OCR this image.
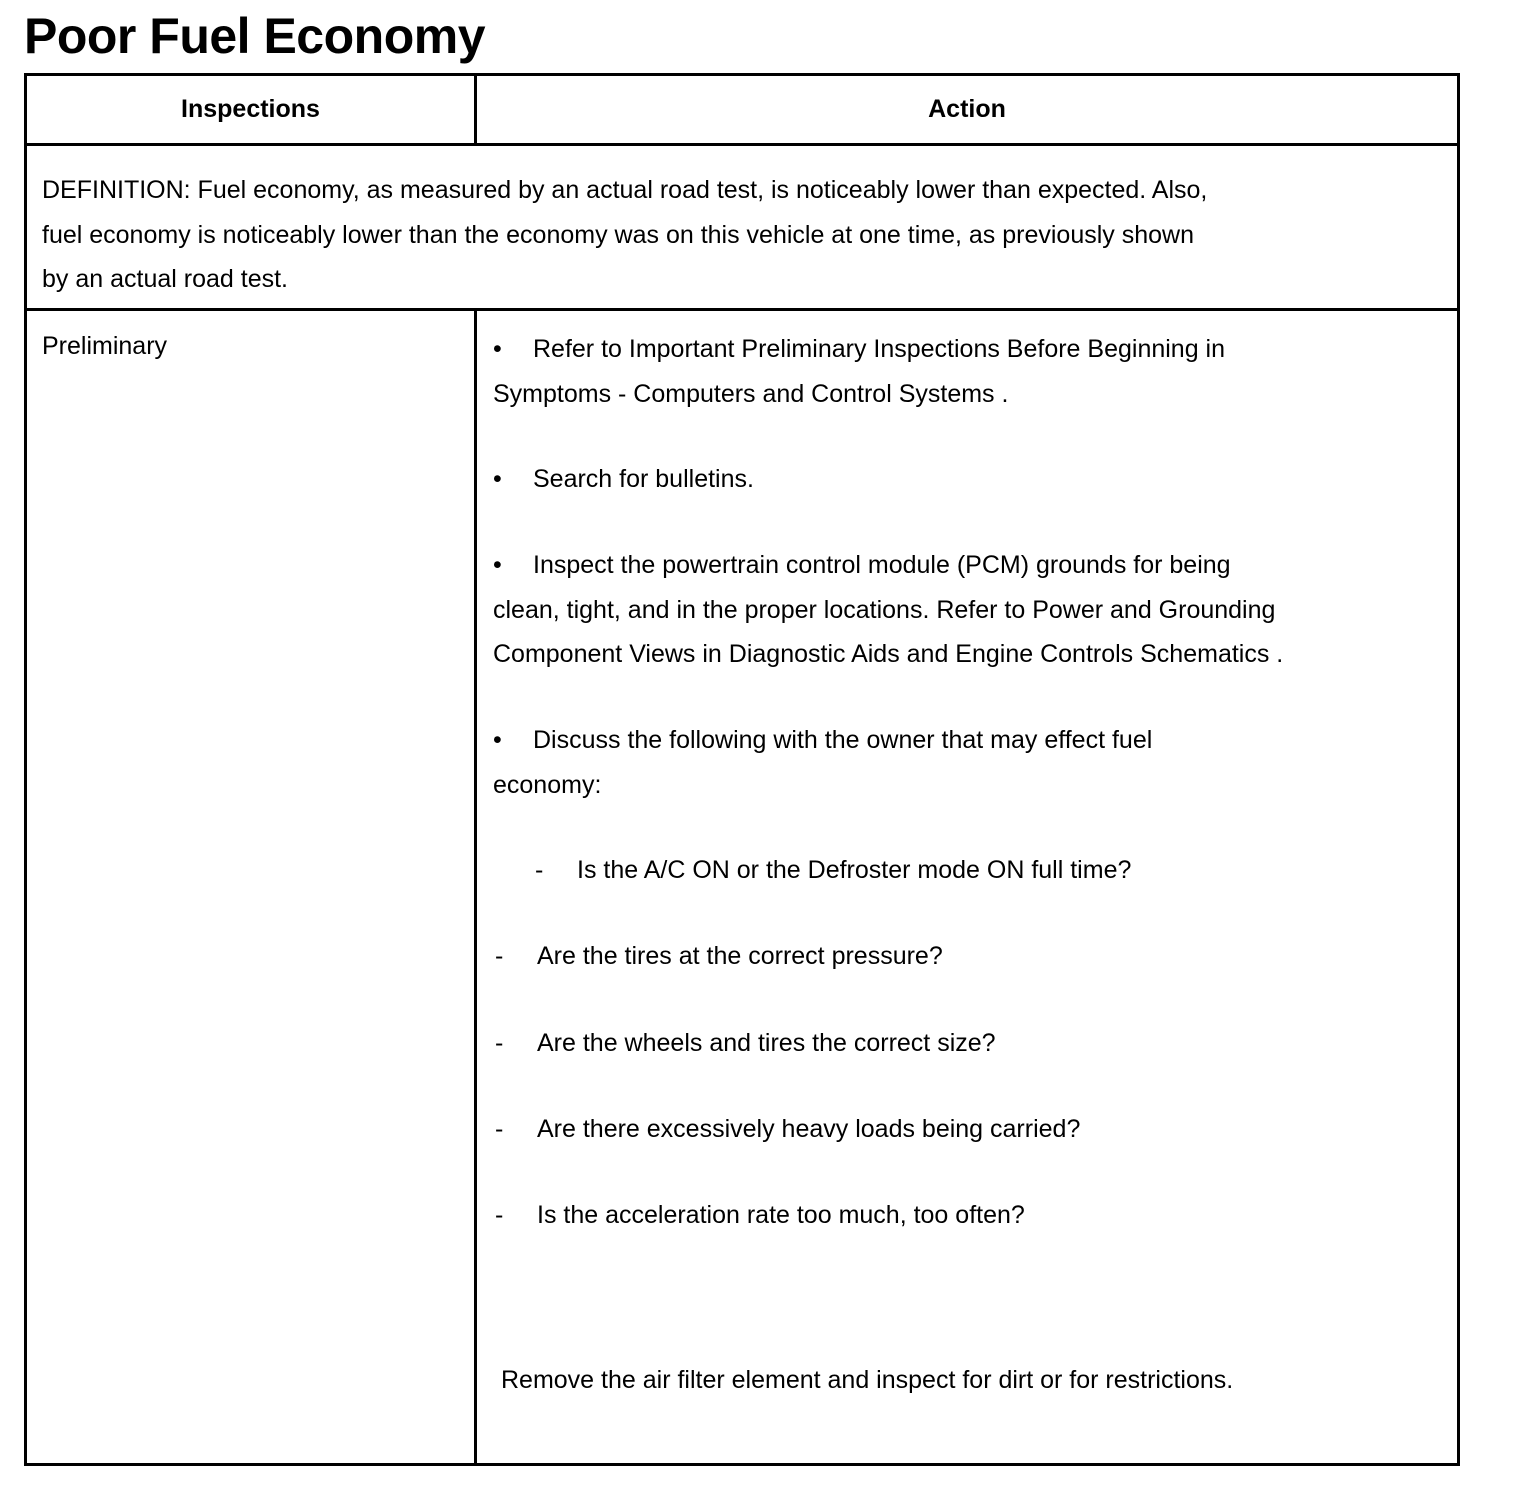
Poor Fuel Economy
Inspections	Action

DEFINITION: Fuel economy, as measured by an actual road test, is noticeably lower than expected. Also,

fuel economy is noticeably lower than the economy was on this vehicle at one time, as previously shown

by an actual road test.

Preliminary	• Refer to Important Preliminary Inspections Before Beginning in
Symptoms - Computers and Control Systems .
• Search for bulletins.
• Inspect the powertrain control module (PCM) grounds for being
clean, tight, and in the proper locations. Refer to Power and Grounding
Component Views in Diagnostic Aids and Engine Controls Schematics .
• Discuss the following with the owner that may effect fuel
economy:
- Is the A/C ON or the Defroster mode ON full time?
- Are the tires at the correct pressure?
- Are the wheels and tires the correct size?
- Are there excessively heavy loads being carried?
- Is the acceleration rate too much, too often?
Remove the air filter element and inspect for dirt or for restrictions.
